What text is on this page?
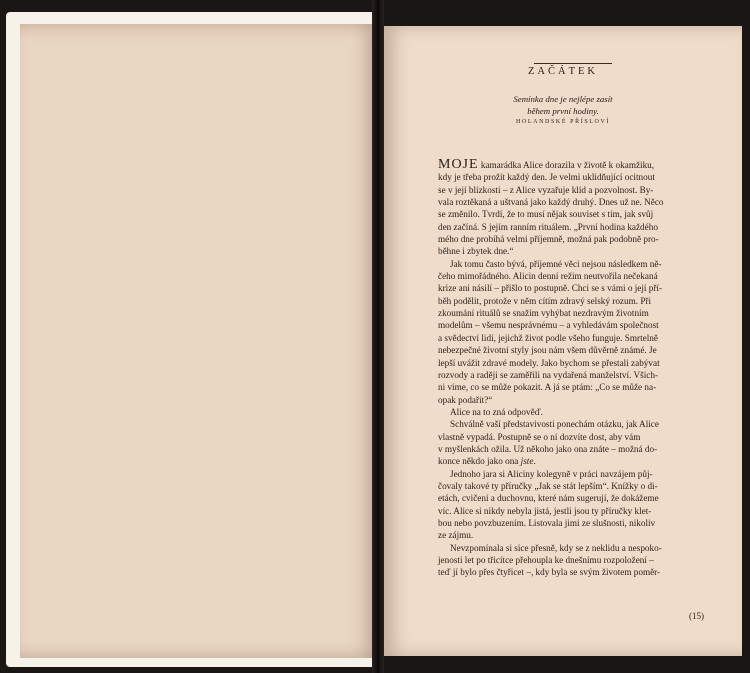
ZAČÁTEK
Semínka dne je nejlépe zasít
během první hodiny.
HOLANDSKÉ PŘÍSLOVÍ
MOJE kamarádka Alice dorazila v životě k okamžiku,
kdy je třeba prožít každý den. Je velmi uklidňující ocitnout
se v její blízkosti – z Alice vyzařuje klid a pozvolnost. By-
vala roztěkaná a uštvaná jako každý druhý. Dnes už ne. Něco
se změnilo. Tvrdí, že to musí nějak souviset s tím, jak svůj
den začíná. S jejím ranním rituálem. „První hodina každého
mého dne probíhá velmi příjemně, možná pak podobně pro-
běhne i zbytek dne.“
Jak tomu často bývá, příjemné věci nejsou následkem ně-
čeho mimořádného. Alicin denní režim neutvořila nečekaná
krize ani násilí – přišlo to postupně. Chci se s vámi o její pří-
běh podělit, protože v něm cítím zdravý selský rozum. Při
zkoumání rituálů se snažím vyhýbat nezdravým životním
modelům – všemu nesprávnému – a vyhledávám společnost
a svědectví lidí, jejichž život podle všeho funguje. Smrtelně
nebezpečné životní styly jsou nám všem důvěrně známé. Je
lepší uvážit zdravé modely. Jako bychom se přestali zabývat
rozvody a raději se zaměřili na vydařená manželství. Všich-
ni víme, co se může pokazit. A já se ptám: „Co se může na-
opak podařit?“
Alice na to zná odpověď.
Schválně vaší představivosti ponechám otázku, jak Alice
vlastně vypadá. Postupně se o ní dozvíte dost, aby vám
v myšlenkách ožila. Už někoho jako ona znáte – možná do-
konce někdo jako ona jste.
Jednoho jara si Aliciny kolegyně v práci navzájem půj-
čovaly takové ty příručky „Jak se stát lepším“. Knížky o di-
etách, cvičení a duchovnu, které nám sugerují, že dokážeme
víc. Alice si nikdy nebyla jistá, jestli jsou ty příručky klet-
bou nebo povzbuzením. Listovala jimi ze slušnosti, nikoliv
ze zájmu.
Nevzpomínala si sice přesně, kdy se z neklidu a nespoko-
jenosti let po třicítce přehoupla ke dnešnímu rozpoložení –
teď jí bylo přes čtyřicet –, kdy byla se svým životem poměr-
(15)
